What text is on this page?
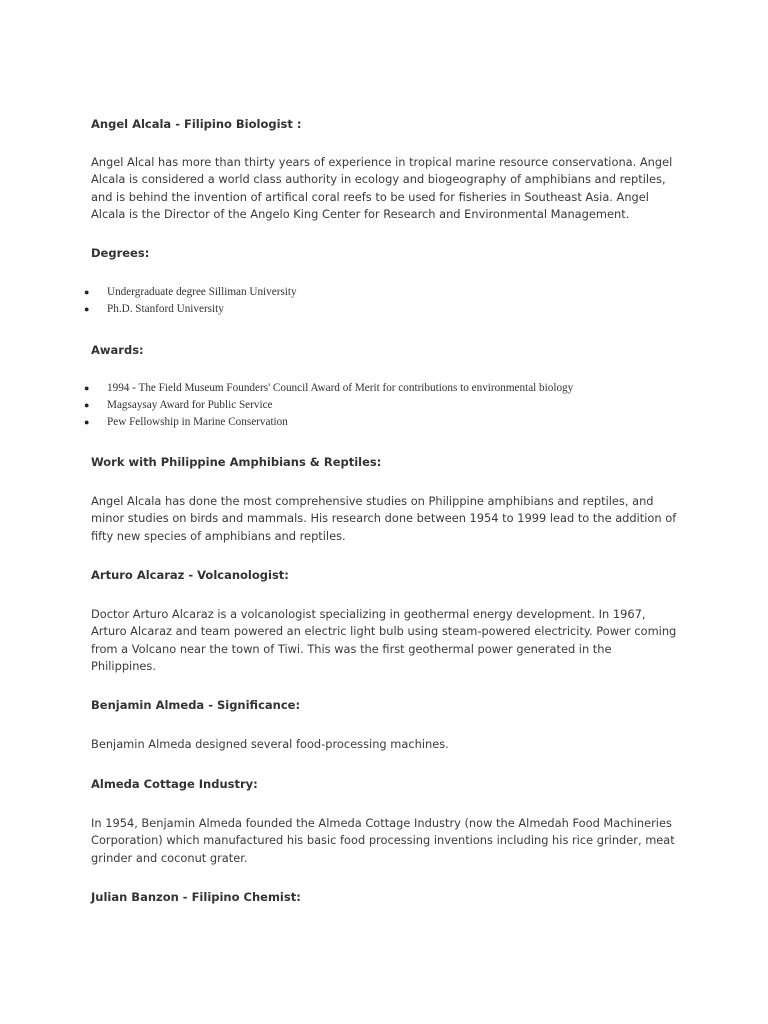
Angel Alcala - Filipino Biologist :
Angel Alcal has more than thirty years of experience in tropical marine resource conservationa. Angel
Alcala is considered a world class authority in ecology and biogeography of amphibians and reptiles,
and is behind the invention of artifical coral reefs to be used for fisheries in Southeast Asia. Angel
Alcala is the Director of the Angelo King Center for Research and Environmental Management.
Degrees:
● Undergraduate degree Silliman University
● Ph.D. Stanford University
Awards:
● 1994 - The Field Museum Founders' Council Award of Merit for contributions to environmental biology
● Magsaysay Award for Public Service
● Pew Fellowship in Marine Conservation
Work with Philippine Amphibians & Reptiles:
Angel Alcala has done the most comprehensive studies on Philippine amphibians and reptiles, and
minor studies on birds and mammals. His research done between 1954 to 1999 lead to the addition of
fifty new species of amphibians and reptiles.
Arturo Alcaraz - Volcanologist:
Doctor Arturo Alcaraz is a volcanologist specializing in geothermal energy development. In 1967,
Arturo Alcaraz and team powered an electric light bulb using steam-powered electricity. Power coming
from a Volcano near the town of Tiwi. This was the first geothermal power generated in the
Philippines.
Benjamin Almeda - Significance:
Benjamin Almeda designed several food-processing machines.
Almeda Cottage Industry:
In 1954, Benjamin Almeda founded the Almeda Cottage Industry (now the Almedah Food Machineries
Corporation) which manufactured his basic food processing inventions including his rice grinder, meat
grinder and coconut grater.
Julian Banzon - Filipino Chemist:
